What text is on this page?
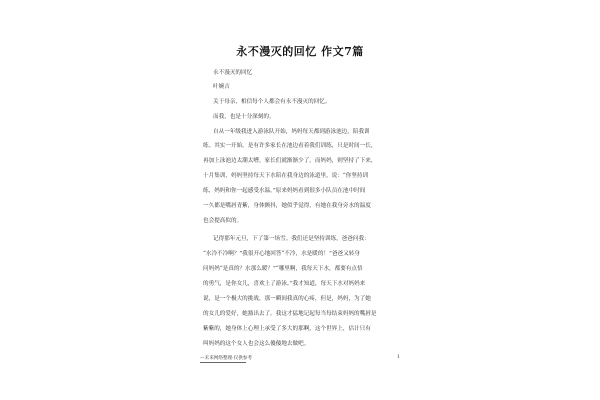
永不漫灭的回忆 作文7篇
永不漫灭的回忆
叶婉吉
关于母亲，相信每个人都会有永不漫灭的回忆。
而我，也是十分深刻的。
自从一年级我进入游泳队开始，妈妈每天都到游泳池边，陪我训
练。其实一开始，是有许多家长在池边看着我们训练，只是时间一长，
再加上泳池边太潮太嘈，家长们就渐渐少了。而妈妈，则坚持了下来，
十月集训，妈妈坚持每天下水陪在我身边的泳道里，说：“你坚持训
练，妈妈和你一起感受水温。”原来妈妈看到很多小队员在池中时间
一久都是嘴唇青紫，身体颤抖，她似乎觉得，有她在我身旁水的温度
也会提高似的。
记得那年元旦，下了第一场雪。我们还是坚持训练，爸爸问我：
“水冷不冷啊？”我很开心地回答“不冷，水是暖的！”爸爸又转身
问妈妈“是真的？水那么暖？”“哪里啊，我每天下水，都要有点悟
的勇气，是你女儿，喜欢上了游泳。”我才知道，每天下水对妈妈来
说，是一个极大的挑战，那一瞬间我真的心疼，但是，妈妈，为了她
的女儿的爱好，她豁出去了。我这才猛地记起每当每结束妈妈的嘴唇是
紫紫的，她身体上心理上承受了多大的那啊，这个世界上，估计只有
叫妈妈的这个女人也会这么傻傻地去做吧。
—未来网络整理·仅供参考	1
